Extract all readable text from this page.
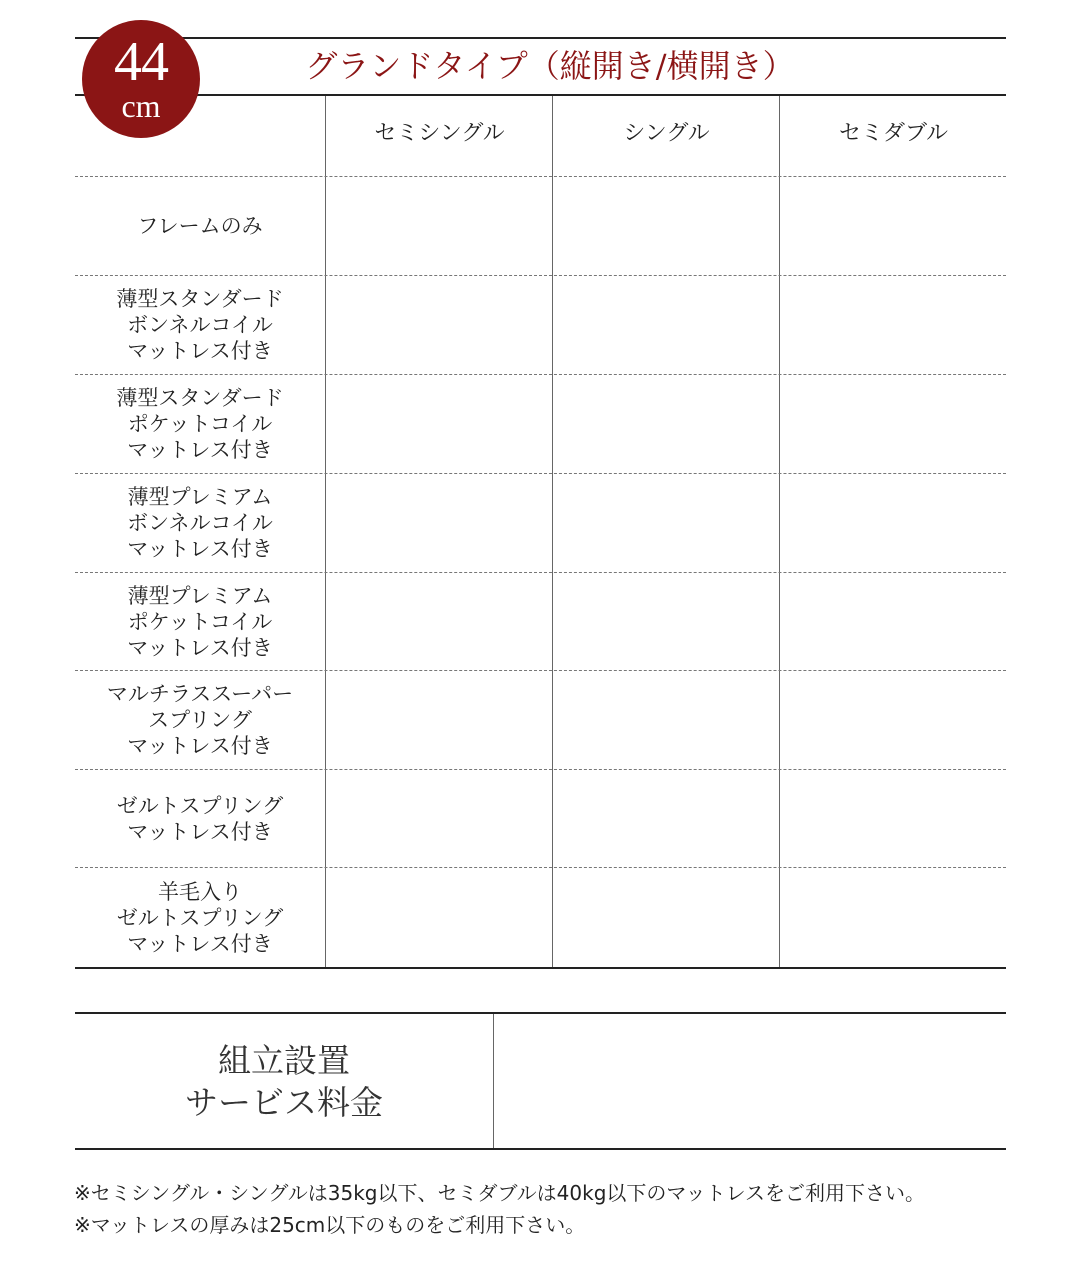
44
cm
グランドタイプ（縦開き/横開き）
セミシングル	シングル	セミダブル
フレームのみ
薄型スタンダード
ボンネルコイル
マットレス付き
薄型スタンダード
ポケットコイル
マットレス付き
薄型プレミアム
ボンネルコイル
マットレス付き
薄型プレミアム
ポケットコイル
マットレス付き
マルチラススーパー
スプリング
マットレス付き
ゼルトスプリング
マットレス付き
羊毛入り
ゼルトスプリング
マットレス付き
組立設置
サービス料金
※セミシングル・シングルは35kg以下、セミダブルは40kg以下のマットレスをご利用下さい。
※マットレスの厚みは25cm以下のものをご利用下さい。
